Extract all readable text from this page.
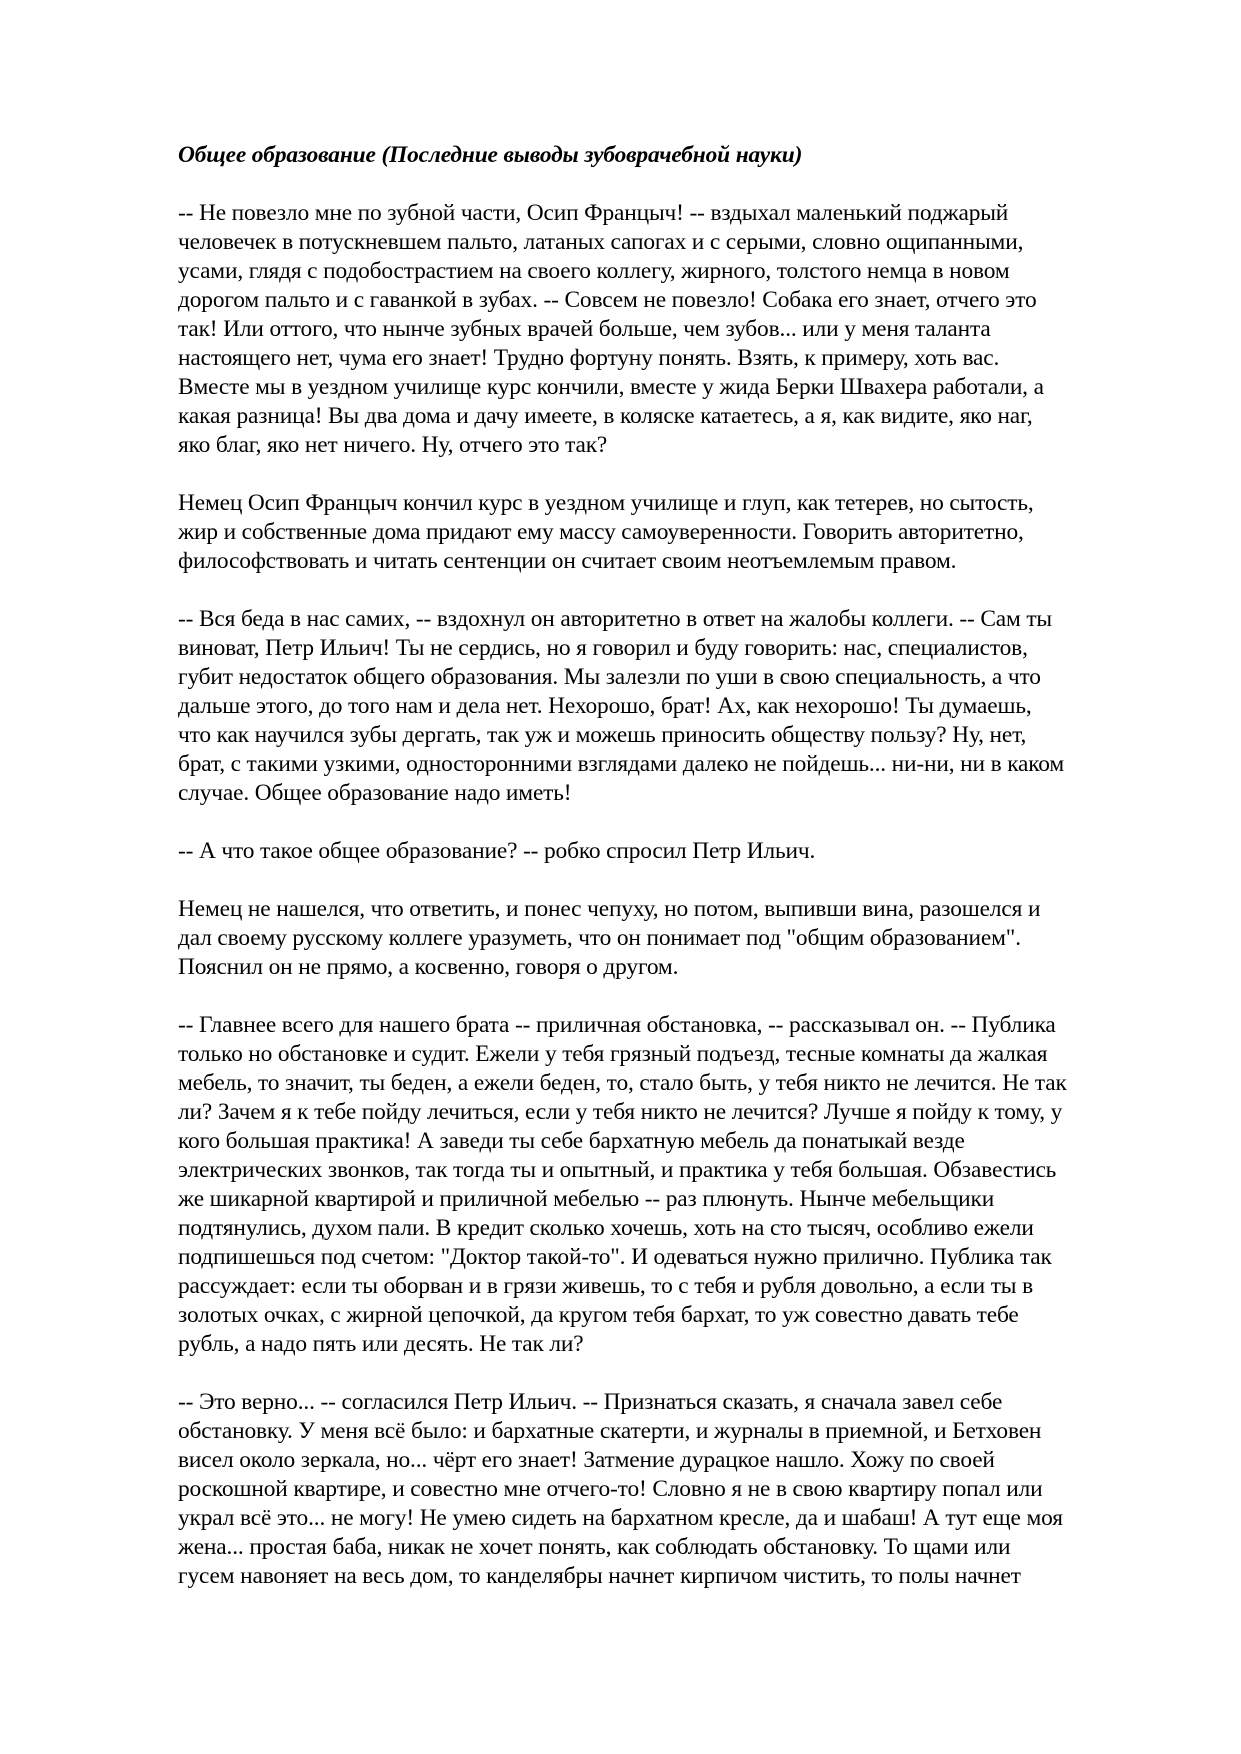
Общее образование (Последние выводы зубоврачебной науки)
-- Не повезло мне по зубной части, Осип Францыч! -- вздыхал маленький поджарый
человечек в потускневшем пальто, латаных сапогах и с серыми, словно ощипанными,
усами, глядя с подобострастием на своего коллегу, жирного, толстого немца в новом
дорогом пальто и с гаванкой в зубах. -- Совсем не повезло! Собака его знает, отчего это
так! Или оттого, что нынче зубных врачей больше, чем зубов... или у меня таланта
настоящего нет, чума его знает! Трудно фортуну понять. Взять, к примеру, хоть вас.
Вместе мы в уездном училище курс кончили, вместе у жида Берки Швахера работали, а
какая разница! Вы два дома и дачу имеете, в коляске катаетесь, а я, как видите, яко наг,
яко благ, яко нет ничего. Ну, отчего это так?
Немец Осип Францыч кончил курс в уездном училище и глуп, как тетерев, но сытость,
жир и собственные дома придают ему массу самоуверенности. Говорить авторитетно,
философствовать и читать сентенции он считает своим неотъемлемым правом.
-- Вся беда в нас самих, -- вздохнул он авторитетно в ответ на жалобы коллеги. -- Сам ты
виноват, Петр Ильич! Ты не сердись, но я говорил и буду говорить: нас, специалистов,
губит недостаток общего образования. Мы залезли по уши в свою специальность, а что
дальше этого, до того нам и дела нет. Нехорошо, брат! Ах, как нехорошо! Ты думаешь,
что как научился зубы дергать, так уж и можешь приносить обществу пользу? Ну, нет,
брат, с такими узкими, односторонними взглядами далеко не пойдешь... ни-ни, ни в каком
случае. Общее образование надо иметь!
-- А что такое общее образование? -- робко спросил Петр Ильич.
Немец не нашелся, что ответить, и понес чепуху, но потом, выпивши вина, разошелся и
дал своему русскому коллеге уразуметь, что он понимает под "общим образованием".
Пояснил он не прямо, а косвенно, говоря о другом.
-- Главнее всего для нашего брата -- приличная обстановка, -- рассказывал он. -- Публика
только но обстановке и судит. Ежели у тебя грязный подъезд, тесные комнаты да жалкая
мебель, то значит, ты беден, а ежели беден, то, стало быть, у тебя никто не лечится. Не так
ли? Зачем я к тебе пойду лечиться, если у тебя никто не лечится? Лучше я пойду к тому, у
кого большая практика! А заведи ты себе бархатную мебель да понатыкай везде
электрических звонков, так тогда ты и опытный, и практика у тебя большая. Обзавестись
же шикарной квартирой и приличной мебелью -- раз плюнуть. Нынче мебельщики
подтянулись, духом пали. В кредит сколько хочешь, хоть на сто тысяч, особливо ежели
подпишешься под счетом: "Доктор такой-то". И одеваться нужно прилично. Публика так
рассуждает: если ты оборван и в грязи живешь, то с тебя и рубля довольно, а если ты в
золотых очках, с жирной цепочкой, да кругом тебя бархат, то уж совестно давать тебе
рубль, а надо пять или десять. Не так ли?
-- Это верно... -- согласился Петр Ильич. -- Признаться сказать, я сначала завел себе
обстановку. У меня всё было: и бархатные скатерти, и журналы в приемной, и Бетховен
висел около зеркала, но... чёрт его знает! Затмение дурацкое нашло. Хожу по своей
роскошной квартире, и совестно мне отчего-то! Словно я не в свою квартиру попал или
украл всё это... не могу! Не умею сидеть на бархатном кресле, да и шабаш! А тут еще моя
жена... простая баба, никак не хочет понять, как соблюдать обстановку. То щами или
гусем навоняет на весь дом, то канделябры начнет кирпичом чистить, то полы начнет
